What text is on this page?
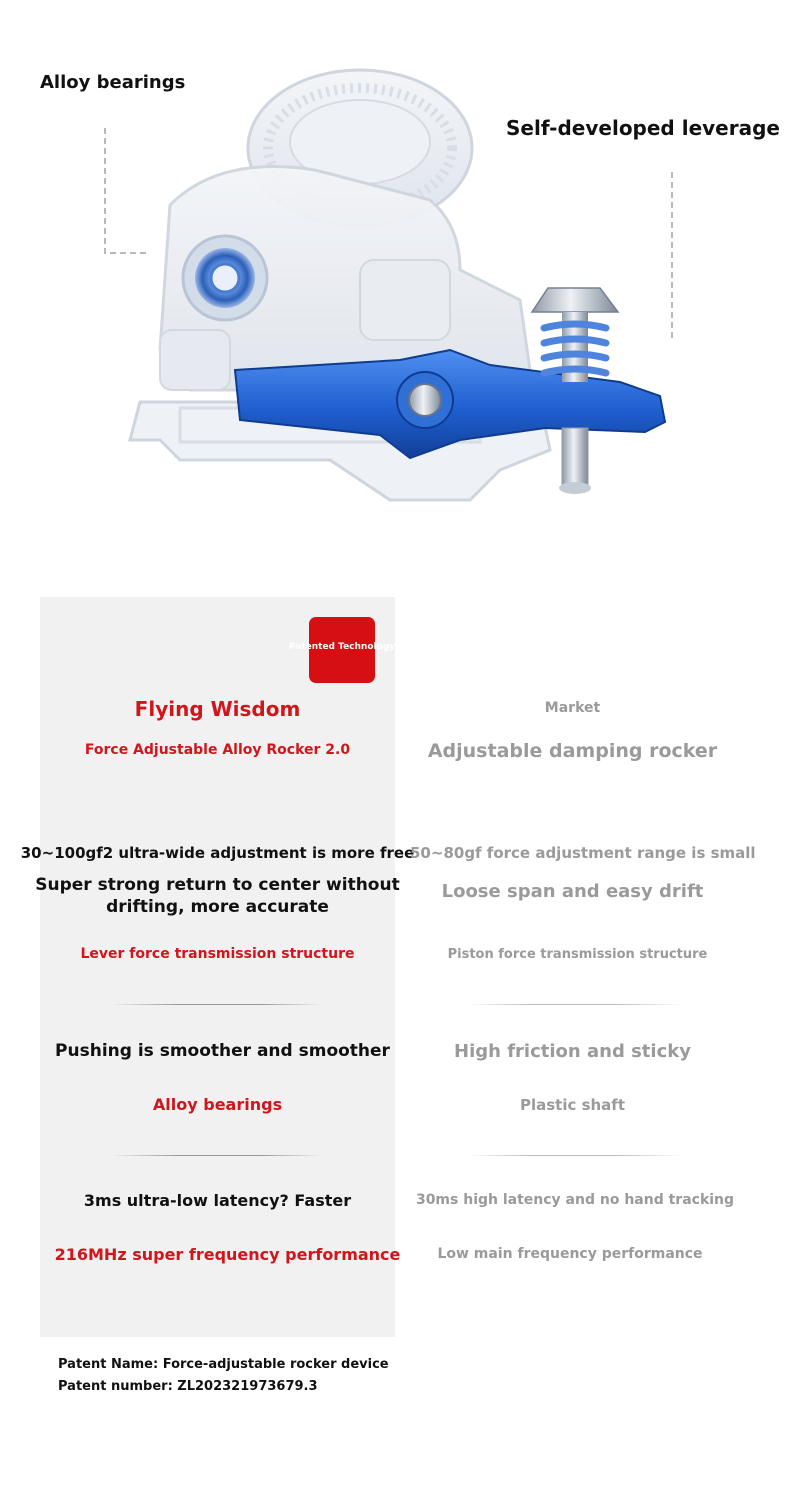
Alloy bearings
Self-developed leverage
Patented Technology
Flying Wisdom
Force Adjustable Alloy Rocker 2.0
30~100gf2 ultra-wide adjustment is more free
Super strong return to center without
drifting, more accurate
Lever force transmission structure
Pushing is smoother and smoother
Alloy bearings
3ms ultra-low latency? Faster
216MHz super frequency performance
Market
Adjustable damping rocker
50~80gf force adjustment range is small
Loose span and easy drift
Piston force transmission structure
High friction and sticky
Plastic shaft
30ms high latency and no hand tracking
Low main frequency performance
Patent Name: Force-adjustable rocker device
Patent number: ZL202321973679.3
